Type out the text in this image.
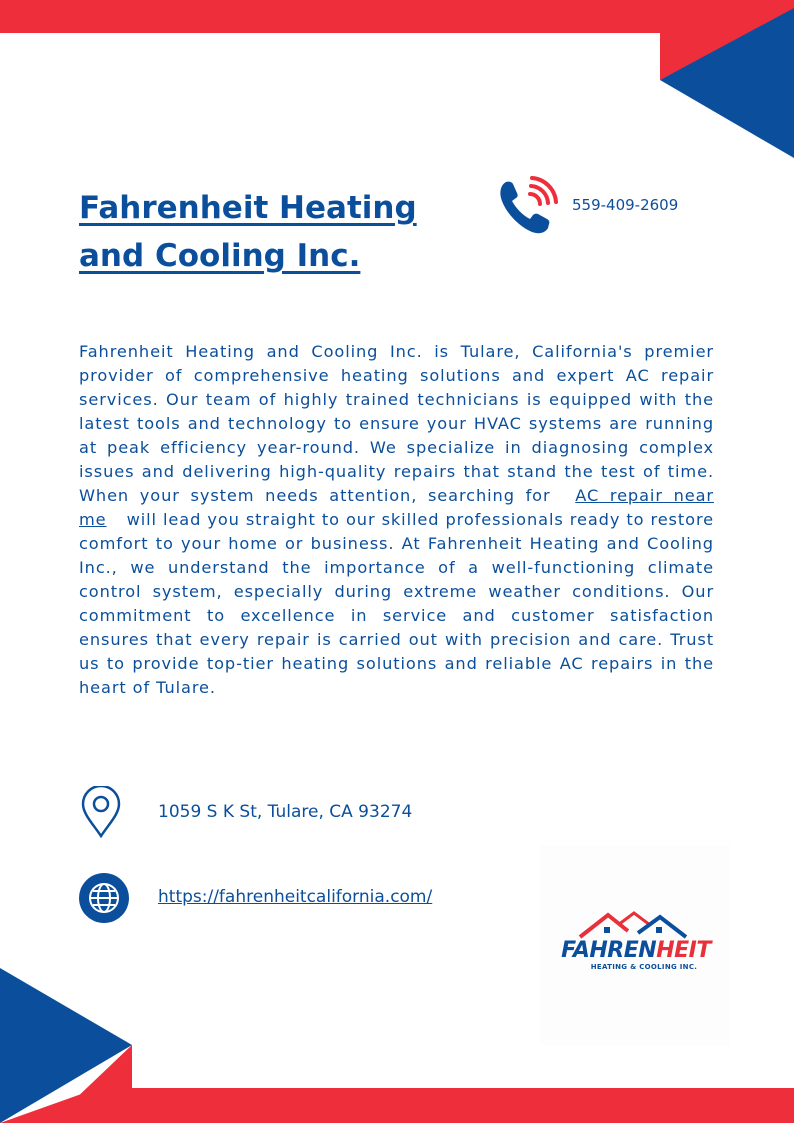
Fahrenheit Heating and Cooling Inc.
559-409-2609

Fahrenheit Heating and Cooling Inc. is Tulare, California's premier provider of comprehensive heating solutions and expert AC repair services. Our team of highly trained technicians is equipped with the latest tools and technology to ensure your HVAC systems are running at peak efficiency year-round. We specialize in diagnosing complex issues and delivering high-quality repairs that stand the test of time. When your system needs attention, searching for AC repair near me will lead you straight to our skilled professionals ready to restore comfort to your home or business. At Fahrenheit Heating and Cooling Inc., we understand the importance of a well-functioning climate control system, especially during extreme weather conditions. Our commitment to excellence in service and customer satisfaction ensures that every repair is carried out with precision and care. Trust us to provide top-tier heating solutions and reliable AC repairs in the heart of Tulare.

1059 S K St, Tulare, CA 93274
https://fahrenheitcalifornia.com/
FAHRENHEIT
HEATING & COOLING INC.
